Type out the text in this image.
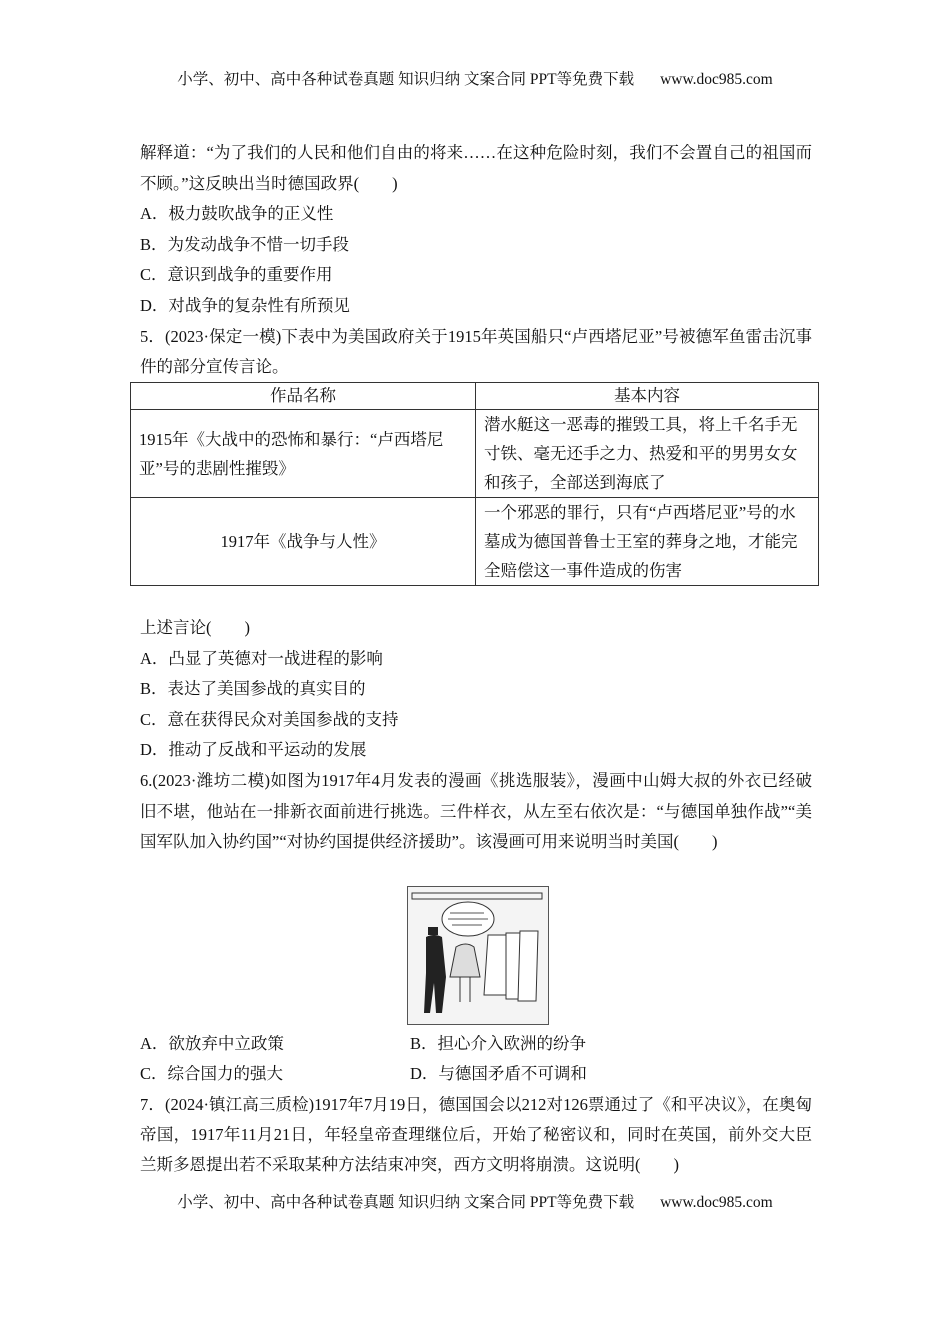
小学、初中、高中各种试卷真题 知识归纳 文案合同 PPT等免费下载 www.doc985.com

解释道：“为了我们的人民和他们自由的将来……在这种危险时刻，我们不会置自己的祖国而不顾。”这反映出当时德国政界(　　)

A．极力鼓吹战争的正义性

B．为发动战争不惜一切手段

C．意识到战争的重要作用

D．对战争的复杂性有所预见

5．(2023·保定一模)下表中为美国政府关于1915年英国船只“卢西塔尼亚”号被德军鱼雷击沉事件的部分宣传言论。

作品名称	基本内容
1915年《大战中的恐怖和暴行：“卢西塔尼亚”号的悲剧性摧毁》	潜水艇这一恶毒的摧毁工具，将上千名手无寸铁、毫无还手之力、热爱和平的男男女女和孩子，全部送到海底了
1917年《战争与人性》	一个邪恶的罪行，只有“卢西塔尼亚”号的水墓成为德国普鲁士王室的葬身之地，才能完全赔偿这一事件造成的伤害

上述言论(　　)

A．凸显了英德对一战进程的影响

B．表达了美国参战的真实目的

C．意在获得民众对美国参战的支持

D．推动了反战和平运动的发展

6.(2023·潍坊二模)如图为1917年4月发表的漫画《挑选服装》，漫画中山姆大叔的外衣已经破旧不堪，他站在一排新衣面前进行挑选。三件样衣，从左至右依次是：“与德国单独作战”“美国军队加入协约国”“对协约国提供经济援助”。该漫画可用来说明当时美国(　　)

A．欲放弃中立政策	B．担心介入欧洲的纷争
C．综合国力的强大	D．与德国矛盾不可调和

7．(2024·镇江高三质检)1917年7月19日，德国国会以212对126票通过了《和平决议》，在奥匈帝国，1917年11月21日，年轻皇帝查理继位后，开始了秘密议和，同时在英国，前外交大臣兰斯多恩提出若不采取某种方法结束冲突，西方文明将崩溃。这说明(　　)

小学、初中、高中各种试卷真题 知识归纳 文案合同 PPT等免费下载 www.doc985.com
